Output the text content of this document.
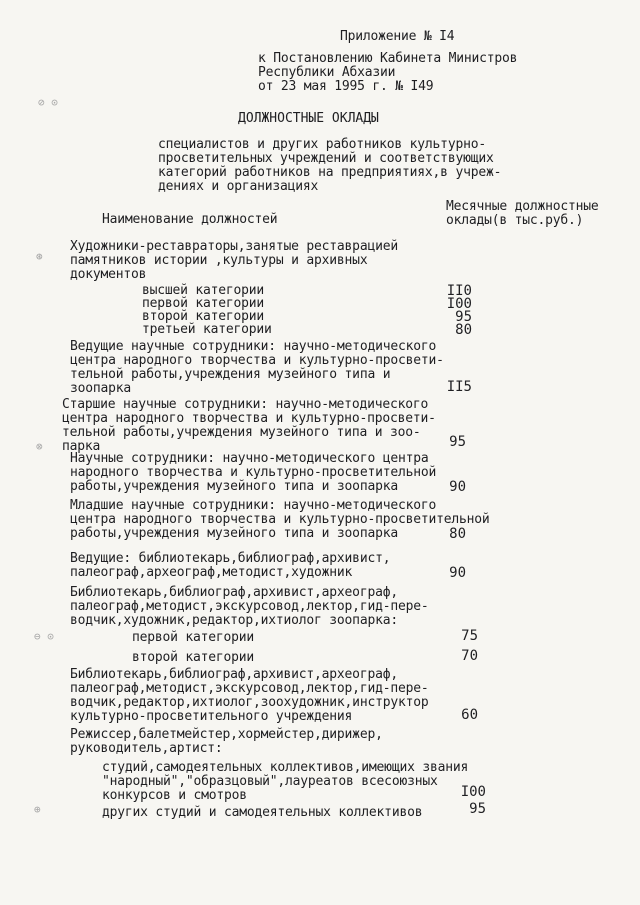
⊘ ⊙
⊛
⊗
⊖ ⊙
⊕
Приложение № I4
к Постановлению Кабинета Министров
Республики Абхазии
от 23 мая 1995 г. № I49
ДОЛЖНОСТНЫЕ ОКЛАДЫ
специалистов и других работников культурно-
просветительных учреждений и соответствующих
категорий работников на предприятиях,в учреж-
дениях и организациях
Наименование должностей
Месячные должностные
оклады(в тыс.руб.)
Художники-реставраторы,занятые реставрацией
памятников истории ,культуры и архивных
документов
высшей категории	II0
первой категории	I00
второй категории	95
третьей категории	80
Ведущие научные сотрудники: научно-методического
центра народного творчества и культурно-просвети-
тельной работы,учреждения музейного типа и
зоопарка	II5
Старшие научные сотрудники: научно-методического
центра народного творчества и культурно-просвети-
тельной работы,учреждения музейного типа и зоо-
парка	95
Научные сотрудники: научно-методического центра
народного творчества и культурно-просветительной
работы,учреждения музейного типа и зоопарка	90
Младшие научные сотрудники: научно-методического
центра народного творчества и культурно-просветительной
работы,учреждения музейного типа и зоопарка	80
Ведущие: библиотекарь,библиограф,архивист,
палеограф,археограф,методист,художник	90
Библиотекарь,библиограф,архивист,археограф,
палеограф,методист,экскурсовод,лектор,гид-пере-
водчик,художник,редактор,ихтиолог зоопарка:
первой категории	75
второй категории	70
Библиотекарь,библиограф,архивист,археограф,
палеограф,методист,экскурсовод,лектор,гид-пере-
водчик,редактор,ихтиолог,зоохудожник,инструктор
культурно-просветительного учреждения	60
Режиссер,балетмейстер,хормейстер,дирижер,
руководитель,артист:
студий,самодеятельных коллективов,имеющих звания
"народный","образцовый",лауреатов всесоюзных
конкурсов и смотров	I00
других студий и самодеятельных коллективов	95
